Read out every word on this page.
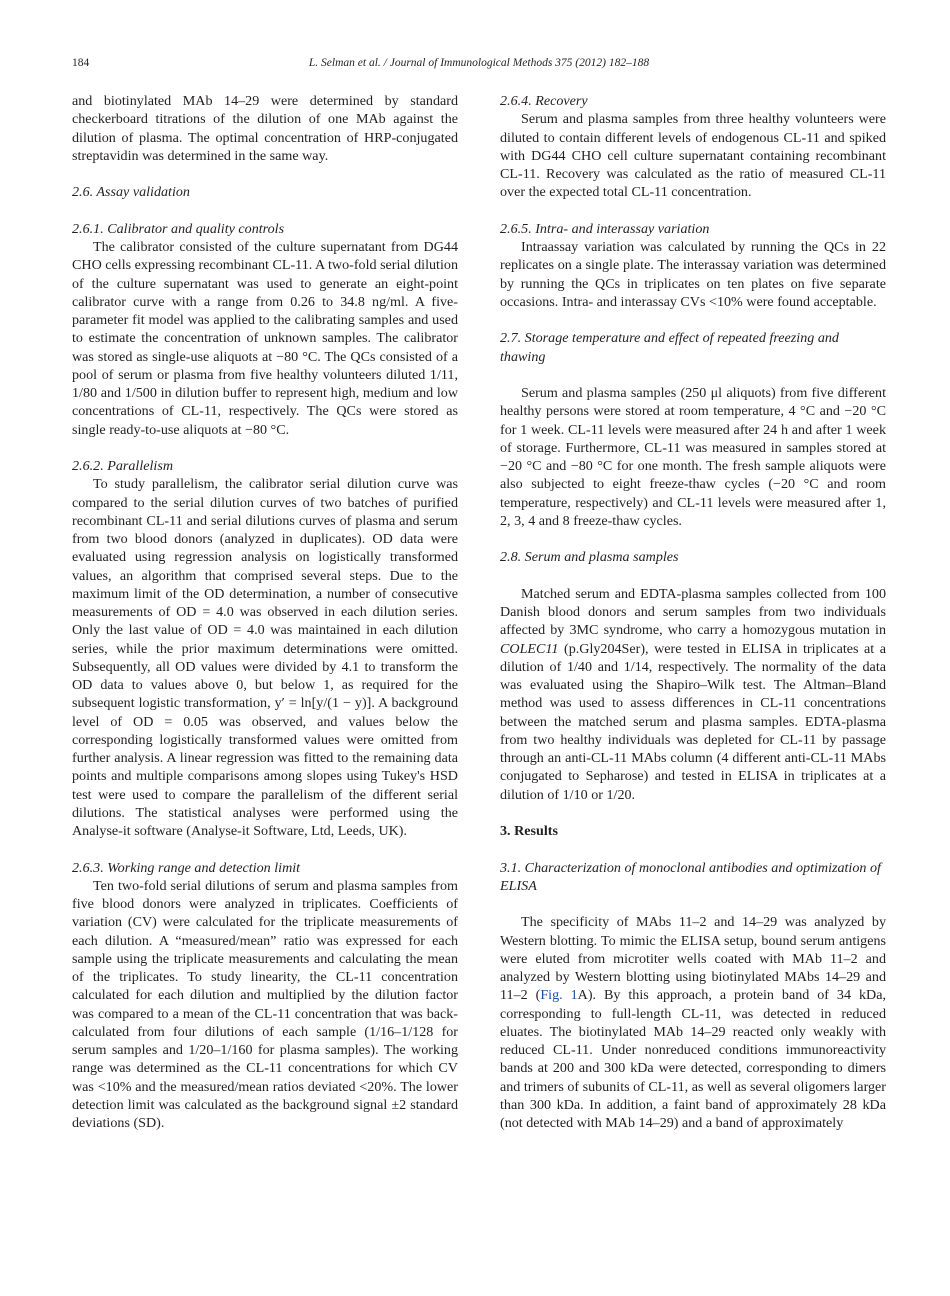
184	L. Selman et al. / Journal of Immunological Methods 375 (2012) 182–188

and biotinylated MAb 14–29 were determined by standard checkerboard titrations of the dilution of one MAb against the dilution of plasma. The optimal concentration of HRP-conjugated streptavidin was determined in the same way.

2.6. Assay validation

2.6.1. Calibrator and quality controls

The calibrator consisted of the culture supernatant from DG44 CHO cells expressing recombinant CL-11. A two-fold serial dilution of the culture supernatant was used to generate an eight-point calibrator curve with a range from 0.26 to 34.8 ng/ml. A five-parameter fit model was applied to the calibrating samples and used to estimate the concentration of unknown samples. The calibrator was stored as single-use aliquots at −80 °C. The QCs consisted of a pool of serum or plasma from five healthy volunteers diluted 1/11, 1/80 and 1/500 in dilution buffer to represent high, medium and low concentrations of CL-11, respectively. The QCs were stored as single ready-to-use aliquots at −80 °C.

2.6.2. Parallelism

To study parallelism, the calibrator serial dilution curve was compared to the serial dilution curves of two batches of purified recombinant CL-11 and serial dilutions curves of plasma and serum from two blood donors (analyzed in duplicates). OD data were evaluated using regression analysis on logistically transformed values, an algorithm that comprised several steps. Due to the maximum limit of the OD determination, a number of consecutive measurements of OD = 4.0 was observed in each dilution series. Only the last value of OD = 4.0 was maintained in each dilution series, while the prior maximum determinations were omitted. Subsequently, all OD values were divided by 4.1 to transform the OD data to values above 0, but below 1, as required for the subsequent logistic transformation, y′ = ln[y/(1 − y)]. A background level of OD = 0.05 was observed, and values below the corresponding logistically transformed values were omitted from further analysis. A linear regression was fitted to the remaining data points and multiple comparisons among slopes using Tukey's HSD test were used to compare the parallelism of the different serial dilutions. The statistical analyses were performed using the Analyse-it software (Analyse-it Software, Ltd, Leeds, UK).

2.6.3. Working range and detection limit

Ten two-fold serial dilutions of serum and plasma samples from five blood donors were analyzed in triplicates. Coefficients of variation (CV) were calculated for the triplicate measurements of each dilution. A “measured/mean” ratio was expressed for each sample using the triplicate measurements and calculating the mean of the triplicates. To study linearity, the CL-11 concentration calculated for each dilution and multiplied by the dilution factor was compared to a mean of the CL-11 concentration that was back-calculated from four dilutions of each sample (1/16–1/128 for serum samples and 1/20–1/160 for plasma samples). The working range was determined as the CL-11 concentrations for which CV was <10% and the measured/mean ratios deviated <20%. The lower detection limit was calculated as the background signal ±2 standard deviations (SD).

2.6.4. Recovery

Serum and plasma samples from three healthy volunteers were diluted to contain different levels of endogenous CL-11 and spiked with DG44 CHO cell culture supernatant containing recombinant CL-11. Recovery was calculated as the ratio of measured CL-11 over the expected total CL-11 concentration.

2.6.5. Intra- and interassay variation

Intraassay variation was calculated by running the QCs in 22 replicates on a single plate. The interassay variation was determined by running the QCs in triplicates on ten plates on five separate occasions. Intra- and interassay CVs <10% were found acceptable.

2.7. Storage temperature and effect of repeated freezing and thawing

Serum and plasma samples (250 μl aliquots) from five different healthy persons were stored at room temperature, 4 °C and −20 °C for 1 week. CL-11 levels were measured after 24 h and after 1 week of storage. Furthermore, CL-11 was measured in samples stored at −20 °C and −80 °C for one month. The fresh sample aliquots were also subjected to eight freeze-thaw cycles (−20 °C and room temperature, respectively) and CL-11 levels were measured after 1, 2, 3, 4 and 8 freeze-thaw cycles.

2.8. Serum and plasma samples

Matched serum and EDTA-plasma samples collected from 100 Danish blood donors and serum samples from two individuals affected by 3MC syndrome, who carry a homozygous mutation in COLEC11 (p.Gly204Ser), were tested in ELISA in triplicates at a dilution of 1/40 and 1/14, respectively. The normality of the data was evaluated using the Shapiro–Wilk test. The Altman–Bland method was used to assess differences in CL-11 concentrations between the matched serum and plasma samples. EDTA-plasma from two healthy individuals was depleted for CL-11 by passage through an anti-CL-11 MAbs column (4 different anti-CL-11 MAbs conjugated to Sepharose) and tested in ELISA in triplicates at a dilution of 1/10 or 1/20.

3. Results

3.1. Characterization of monoclonal antibodies and optimization of ELISA

The specificity of MAbs 11–2 and 14–29 was analyzed by Western blotting. To mimic the ELISA setup, bound serum antigens were eluted from microtiter wells coated with MAb 11–2 and analyzed by Western blotting using biotinylated MAbs 14–29 and 11–2 (Fig. 1A). By this approach, a protein band of 34 kDa, corresponding to full-length CL-11, was detected in reduced eluates. The biotinylated MAb 14–29 reacted only weakly with reduced CL-11. Under nonreduced conditions immunoreactivity bands at 200 and 300 kDa were detected, corresponding to dimers and trimers of subunits of CL-11, as well as several oligomers larger than 300 kDa. In addition, a faint band of approximately 28 kDa (not detected with MAb 14–29) and a band of approximately
